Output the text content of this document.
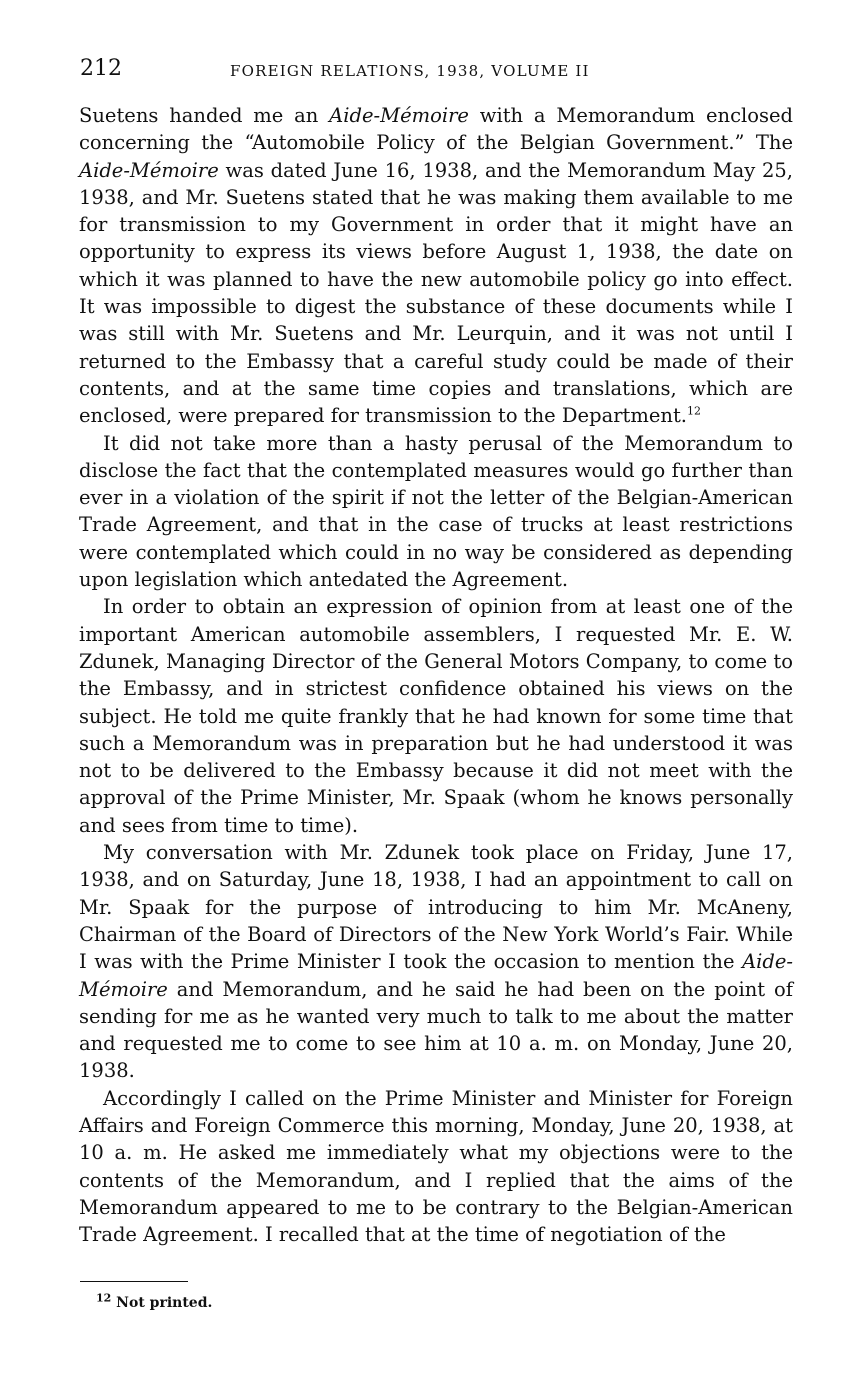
212	FOREIGN RELATIONS, 1938, VOLUME II

Suetens handed me an Aide-Mémoire with a Memorandum enclosed concerning the “Automobile Policy of the Belgian Government.” The Aide-Mémoire was dated June 16, 1938, and the Memorandum May 25, 1938, and Mr. Suetens stated that he was making them available to me for transmission to my Government in order that it might have an opportunity to express its views before August 1, 1938, the date on which it was planned to have the new automobile policy go into effect. It was impossible to digest the substance of these documents while I was still with Mr. Suetens and Mr. Leurquin, and it was not until I returned to the Embassy that a careful study could be made of their contents, and at the same time copies and translations, which are enclosed, were prepared for transmission to the Department.$^{12}$

It did not take more than a hasty perusal of the Memorandum to disclose the fact that the contemplated measures would go further than ever in a violation of the spirit if not the letter of the Belgian-American Trade Agreement, and that in the case of trucks at least restrictions were contemplated which could in no way be considered as depending upon legislation which antedated the Agreement.

In order to obtain an expression of opinion from at least one of the important American automobile assemblers, I requested Mr. E. W. Zdunek, Managing Director of the General Motors Company, to come to the Embassy, and in strictest confidence obtained his views on the subject. He told me quite frankly that he had known for some time that such a Memorandum was in preparation but he had understood it was not to be delivered to the Embassy because it did not meet with the approval of the Prime Minister, Mr. Spaak (whom he knows personally and sees from time to time).

My conversation with Mr. Zdunek took place on Friday, June 17, 1938, and on Saturday, June 18, 1938, I had an appointment to call on Mr. Spaak for the purpose of introducing to him Mr. McAneny, Chairman of the Board of Directors of the New York World’s Fair. While I was with the Prime Minister I took the occasion to mention the Aide-Mémoire and Memorandum, and he said he had been on the point of sending for me as he wanted very much to talk to me about the matter and requested me to come to see him at 10 a. m. on Monday, June 20, 1938.

Accordingly I called on the Prime Minister and Minister for Foreign Affairs and Foreign Commerce this morning, Monday, June 20, 1938, at 10 a. m. He asked me immediately what my objections were to the contents of the Memorandum, and I replied that the aims of the Memorandum appeared to me to be contrary to the Belgian-American Trade Agreement. I recalled that at the time of negotiation of the

$^{12}$ Not printed.
